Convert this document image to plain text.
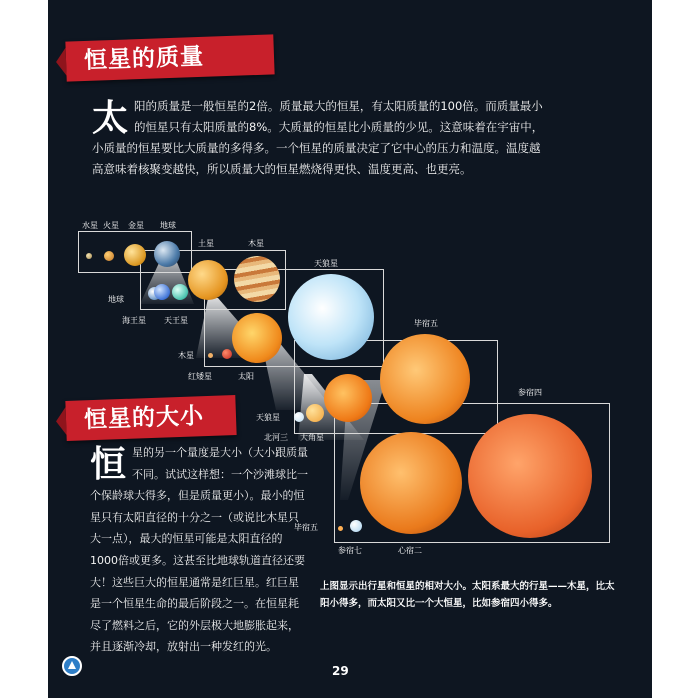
恒星的质量
太 阳的质量是一般恒星的2倍。质量最大的恒星，有太阳质量的100倍。而质量最小的恒星只有太阳质量的8%。大质量的恒星比小质量的少见。这意味着在宇宙中，小质量的恒星要比大质量的多得多。一个恒星的质量决定了它中心的压力和温度。温度越高意味着核聚变越快，所以质量大的恒星燃烧得更快、温度更高、也更亮。
水星 火星 金星 地球
土星	木星
地球
海王星 天王星
天狼星
木星
红矮星	太阳
毕宿五
天狼星
北河三 大角星
参宿四
毕宿五
参宿七	心宿二
恒星的大小
恒 星的另一个量度是大小（大小跟质量不同。试试这样想：一个沙滩球比一个保龄球大得多，但是质量更小）。最小的恒星只有太阳直径的十分之一（或说比木星只大一点），最大的恒星可能是太阳直径的1000倍或更多。这甚至比地球轨道直径还要大！这些巨大的恒星通常是红巨星。红巨星是一个恒星生命的最后阶段之一。在恒星耗尽了燃料之后，它的外层极大地膨胀起来，并且逐渐冷却，放射出一种发红的光。
上图显示出行星和恒星的相对大小。太阳系最大的行星——木星，比太阳小得多，而太阳又比一个大恒星，比如参宿四小得多。
29
